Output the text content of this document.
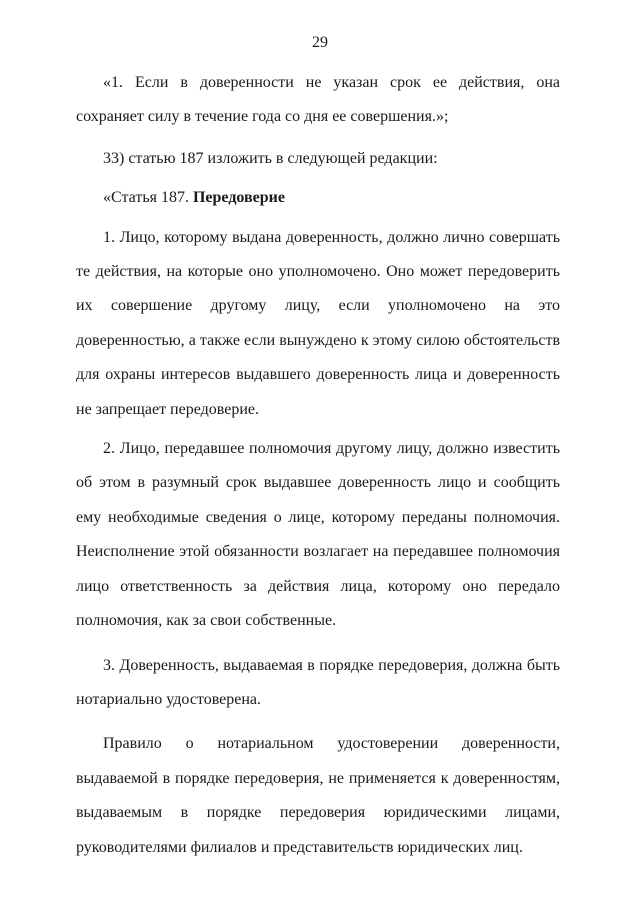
29

«1. Если в доверенности не указан срок ее действия, она сохраняет силу в течение года со дня ее совершения.»;

33) статью 187 изложить в следующей редакции:

«Статья 187. Передоверие

1. Лицо, которому выдана доверенность, должно лично совершать те действия, на которые оно уполномочено. Оно может передоверить их совершение другому лицу, если уполномочено на это доверенностью, а также если вынуждено к этому силою обстоятельств для охраны интересов выдавшего доверенность лица и доверенность не запрещает передоверие.

2. Лицо, передавшее полномочия другому лицу, должно известить об этом в разумный срок выдавшее доверенность лицо и сообщить ему необходимые сведения о лице, которому переданы полномочия. Неисполнение этой обязанности возлагает на передавшее полномочия лицо ответственность за действия лица, которому оно передало полномочия, как за свои собственные.

3. Доверенность, выдаваемая в порядке передоверия, должна быть нотариально удостоверена.

Правило о нотариальном удостоверении доверенности, выдаваемой в порядке передоверия, не применяется к доверенностям, выдаваемым в порядке передоверия юридическими лицами, руководителями филиалов и представительств юридических лиц.
